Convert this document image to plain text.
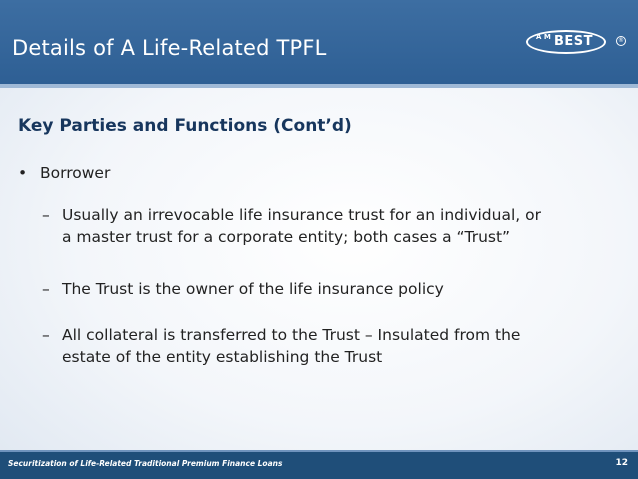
Details of A Life-Related TPFL	A M BEST	®
Key Parties and Functions (Cont’d)
• Borrower
– Usually an irrevocable life insurance trust for an individual, or
a master trust for a corporate entity; both cases a “Trust”
– The Trust is the owner of the life insurance policy
– All collateral is transferred to the Trust – Insulated from the
estate of the entity establishing the Trust
Securitization of Life-Related Traditional Premium Finance Loans	12
